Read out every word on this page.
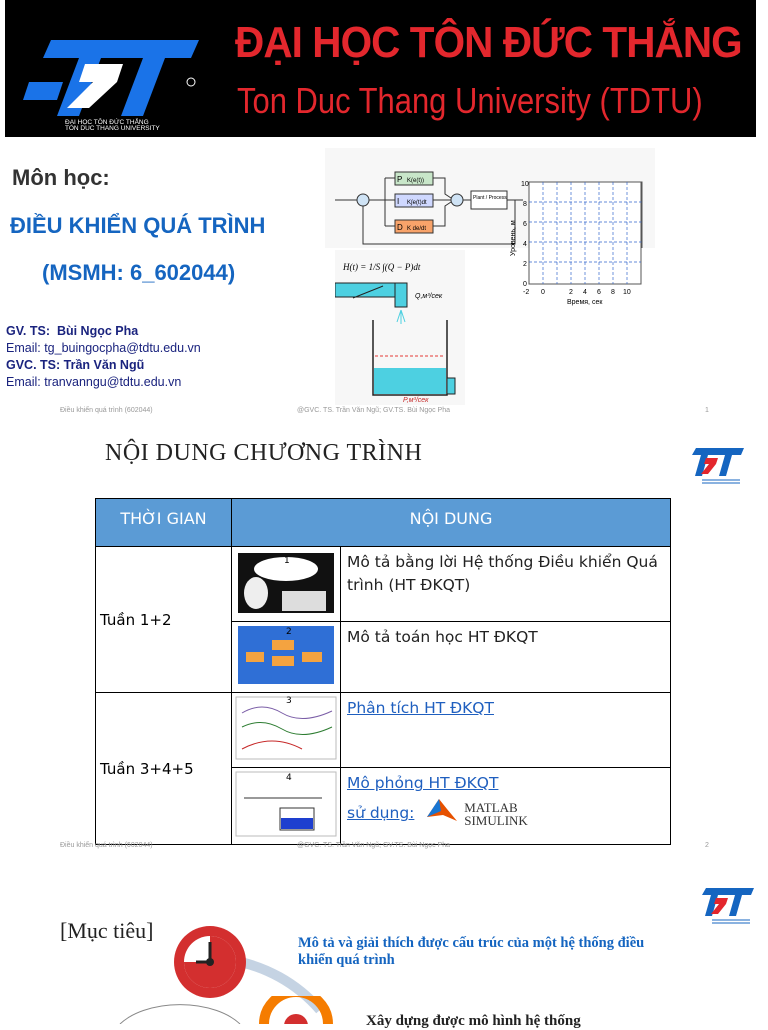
ĐẠI HỌC TÔN ĐỨC THẮNG
TON DUC THANG UNIVERSITY
ĐẠI HỌC TÔN ĐỨC THẮNG
Ton Duc Thang University (TDTU)
Môn học:
ĐIỀU KHIỂN QUÁ TRÌNH
(MSMH: 6_602044)
GV. TS: Bùi Ngọc Pha
Email: tg_buingocpha@tdtu.edu.vn
GVC. TS: Trần Văn Ngũ
Email: tranvanngu@tdtu.edu.vn
P K(e(t))
I K∫e(t)dt
D K de/dt
Plant / Process
10
8
6
4
2
0
-2 0	2 4 6 8 10
Время, сек
Уровень, м
H(t) = 1/S ∫(Q − P)dt
Q,м³/сек
P,м³/сек
Điều khiển quá trình (602044)	@GVC. TS. Trần Văn Ngũ; GV.TS. Bùi Ngọc Pha	1
NỘI DUNG CHƯƠNG TRÌNH
THỜI GIAN	NỘI DUNG	
Tuần 1+2	1	Mô tả bằng lời Hệ thống Điều khiển Quá trình (HT ĐKQT)

2	Mô tả toán học HT ĐKQT
Tuần 3+4+5	3	Phân tích HT ĐKQT

4	Mô phỏng HT ĐKQT
sử dụng: MATLAB
SIMULINK
Điều khiển quá trình (602044)	@GVC. TS. Trần Văn Ngũ; GV.TS. Bùi Ngọc Pha	2
[Mục tiêu]	Mô tả và giải thích được cấu trúc của một hệ thống điều khiển quá trình
Xây dựng được mô hình hệ thống
